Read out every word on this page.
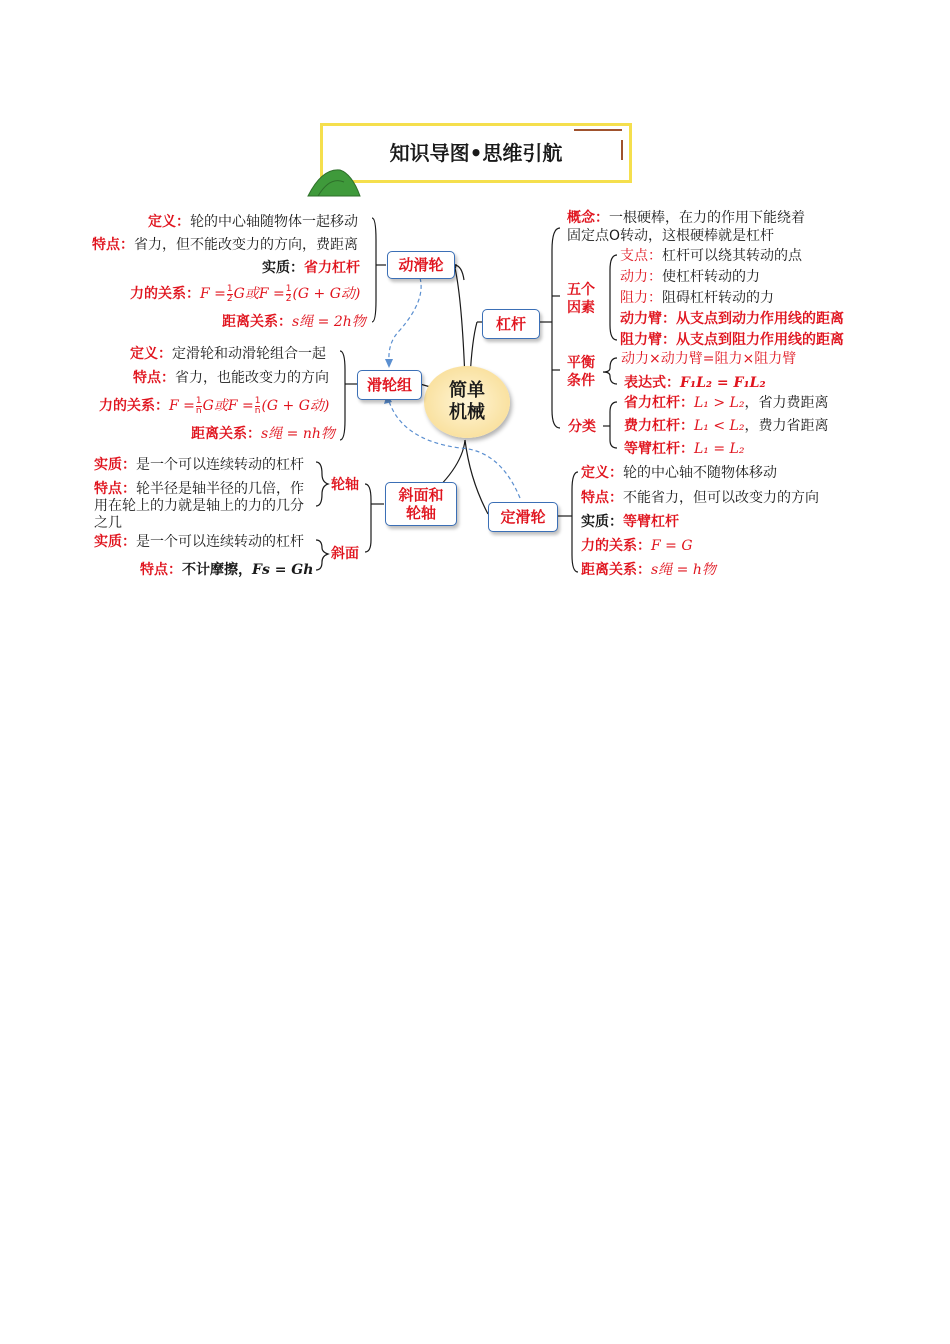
知识导图•思维引航
简单
机械
动滑轮
滑轮组
斜面和
轮轴
杠杆
定滑轮
定义：轮的中心轴随物体一起移动
特点：省力，但不能改变力的方向，费距离
实质：省力杠杆
力的关系：$F = \frac{1}{2}$ G或$F = \frac{1}{2} (G + G$动)
距离关系：s绳 = 2h物
定义：定滑轮和动滑轮组合一起
特点：省力，也能改变力的方向
力的关系：$F = \frac{1}{n}$ G或$F = \frac{1}{n} (G + G$动)
距离关系：s绳 = nh物
实质：是一个可以连续转动的杠杆
特点：轮半径是轴半径的几倍，作
用在轮上的力就是轴上的力的几分
之几
轮轴
实质：是一个可以连续转动的杠杆
特点：不计摩擦，Fs = Gh
斜面
概念：一根硬棒，在力的作用下能绕着
固定点O转动，这根硬棒就是杠杆
五个
因素
支点：杠杆可以绕其转动的点
动力：使杠杆转动的力
阻力：阻碍杠杆转动的力
动力臂：从支点到动力作用线的距离
阻力臂：从支点到阻力作用线的距离
平衡
条件
动力×动力臂=阻力×阻力臂
表达式：F₁L₂ = F₁L₂
分类
省力杠杆：L₁ > L₂，省力费距离
费力杠杆：L₁ < L₂，费力省距离
等臂杠杆：L₁ = L₂
定义：轮的中心轴不随物体移动
特点：不能省力，但可以改变力的方向
实质：等臂杠杆
力的关系：F = G
距离关系：s绳 = h物
